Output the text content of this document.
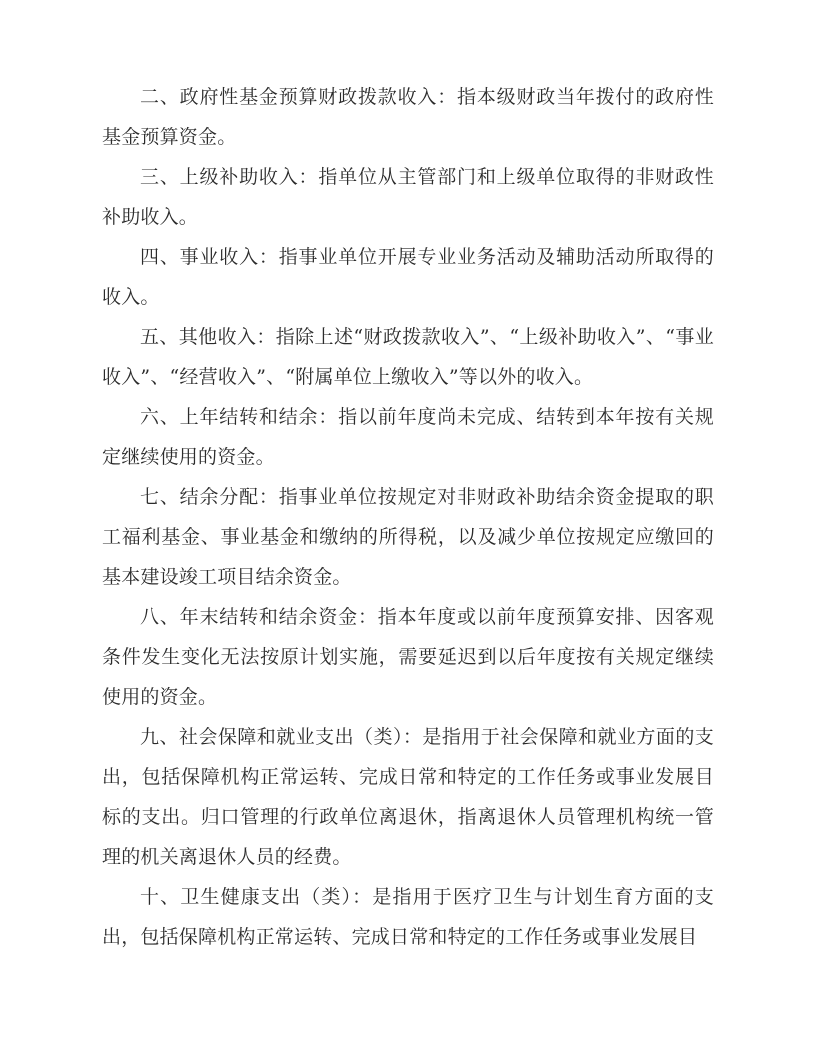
二、政府性基金预算财政拨款收入：指本级财政当年拨付的政府性基金预算资金。

三、上级补助收入：指单位从主管部门和上级单位取得的非财政性补助收入。

四、事业收入：指事业单位开展专业业务活动及辅助活动所取得的收入。

五、其他收入：指除上述“财政拨款收入”、“上级补助收入”、“事业收入”、“经营收入”、“附属单位上缴收入”等以外的收入。

六、上年结转和结余：指以前年度尚未完成、结转到本年按有关规定继续使用的资金。

七、结余分配：指事业单位按规定对非财政补助结余资金提取的职工福利基金、事业基金和缴纳的所得税，以及减少单位按规定应缴回的基本建设竣工项目结余资金。

八、年末结转和结余资金：指本年度或以前年度预算安排、因客观条件发生变化无法按原计划实施，需要延迟到以后年度按有关规定继续使用的资金。

九、社会保障和就业支出（类）：是指用于社会保障和就业方面的支出，包括保障机构正常运转、完成日常和特定的工作任务或事业发展目标的支出。归口管理的行政单位离退休，指离退休人员管理机构统一管理的机关离退休人员的经费。

十、卫生健康支出（类）：是指用于医疗卫生与计划生育方面的支出，包括保障机构正常运转、完成日常和特定的工作任务或事业发展目
